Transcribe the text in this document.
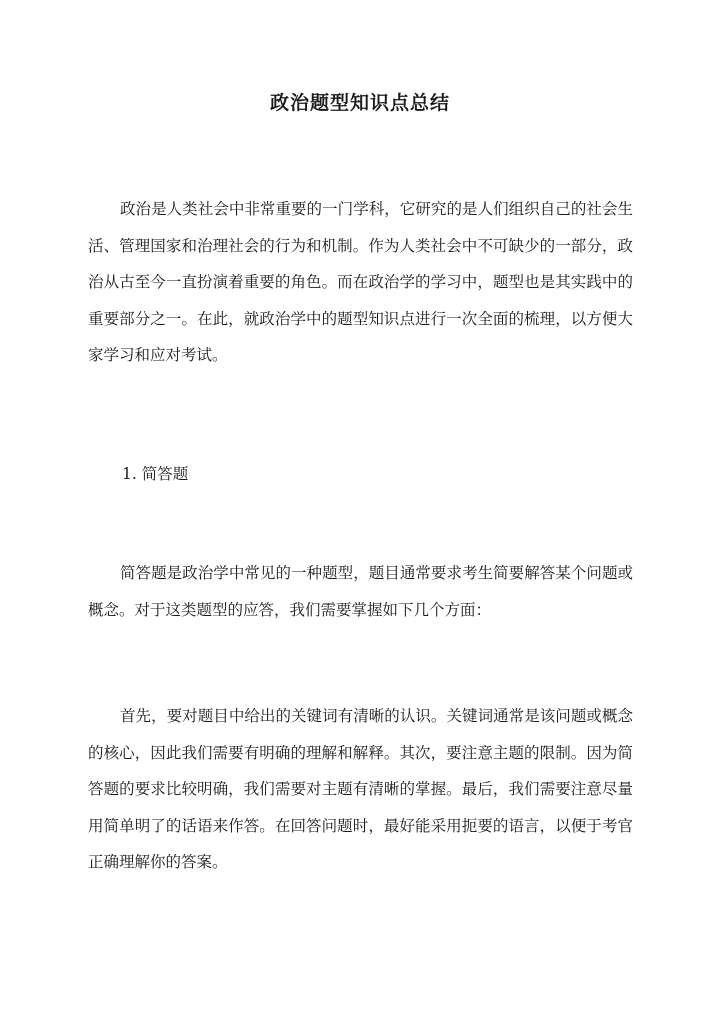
政治题型知识点总结

政治是人类社会中非常重要的一门学科，它研究的是人们组织自己的社会生活、管理国家和治理社会的行为和机制。作为人类社会中不可缺少的一部分，政治从古至今一直扮演着重要的角色。而在政治学的学习中，题型也是其实践中的重要部分之一。在此，就政治学中的题型知识点进行一次全面的梳理，以方便大家学习和应对考试。

1. 简答题

简答题是政治学中常见的一种题型，题目通常要求考生简要解答某个问题或概念。对于这类题型的应答，我们需要掌握如下几个方面：

首先，要对题目中给出的关键词有清晰的认识。关键词通常是该问题或概念的核心，因此我们需要有明确的理解和解释。其次，要注意主题的限制。因为简答题的要求比较明确，我们需要对主题有清晰的掌握。最后，我们需要注意尽量用简单明了的话语来作答。在回答问题时，最好能采用扼要的语言，以便于考官正确理解你的答案。
